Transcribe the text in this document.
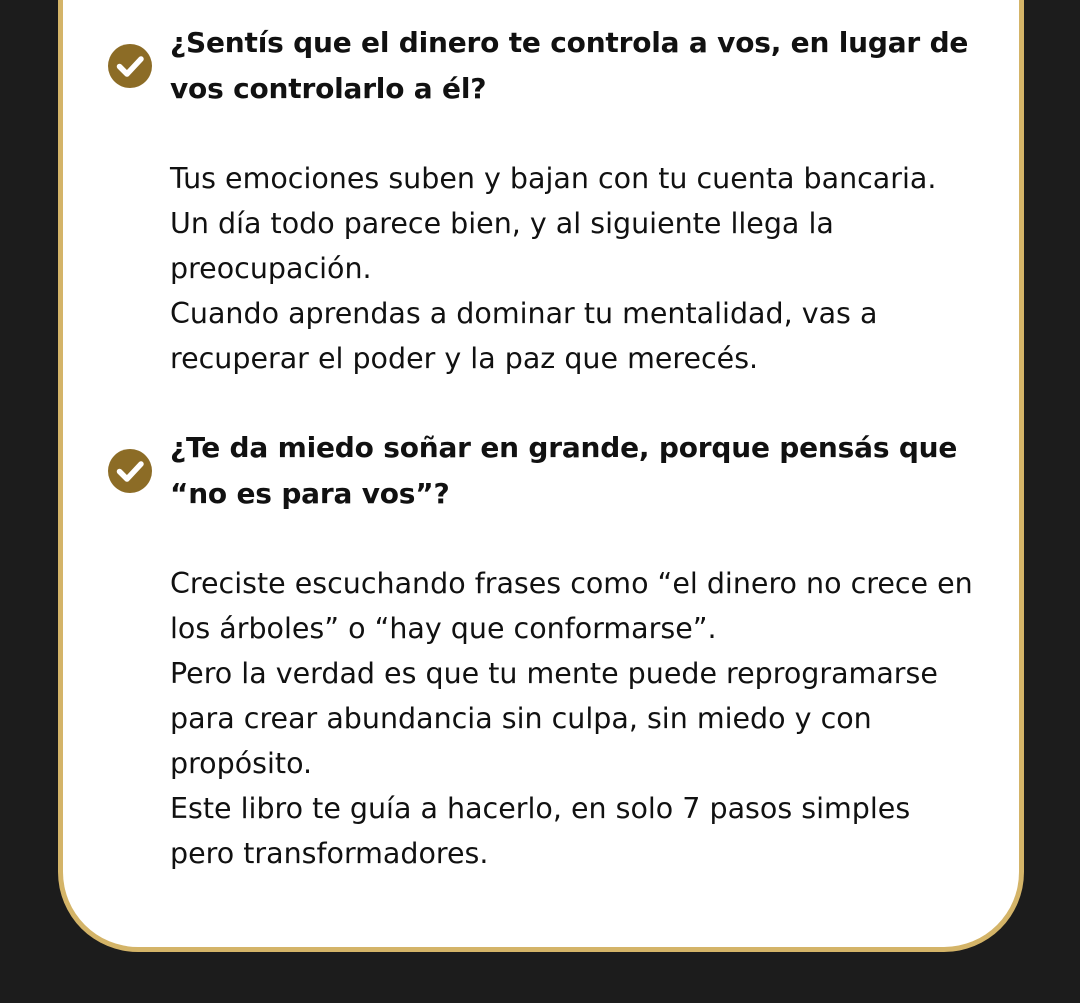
¿Sentís que el dinero te controla a vos, en lugar de vos controlarlo a él?

Tus emociones suben y bajan con tu cuenta bancaria. Un día todo parece bien, y al siguiente llega la preocupación.

Cuando aprendas a dominar tu mentalidad, vas a recuperar el poder y la paz que merecés.

¿Te da miedo soñar en grande, porque pensás que “no es para vos”?

Creciste escuchando frases como “el dinero no crece en los árboles” o “hay que conformarse”.

Pero la verdad es que tu mente puede reprogramarse para crear abundancia sin culpa, sin miedo y con propósito.

Este libro te guía a hacerlo, en solo 7 pasos simples pero transformadores.
